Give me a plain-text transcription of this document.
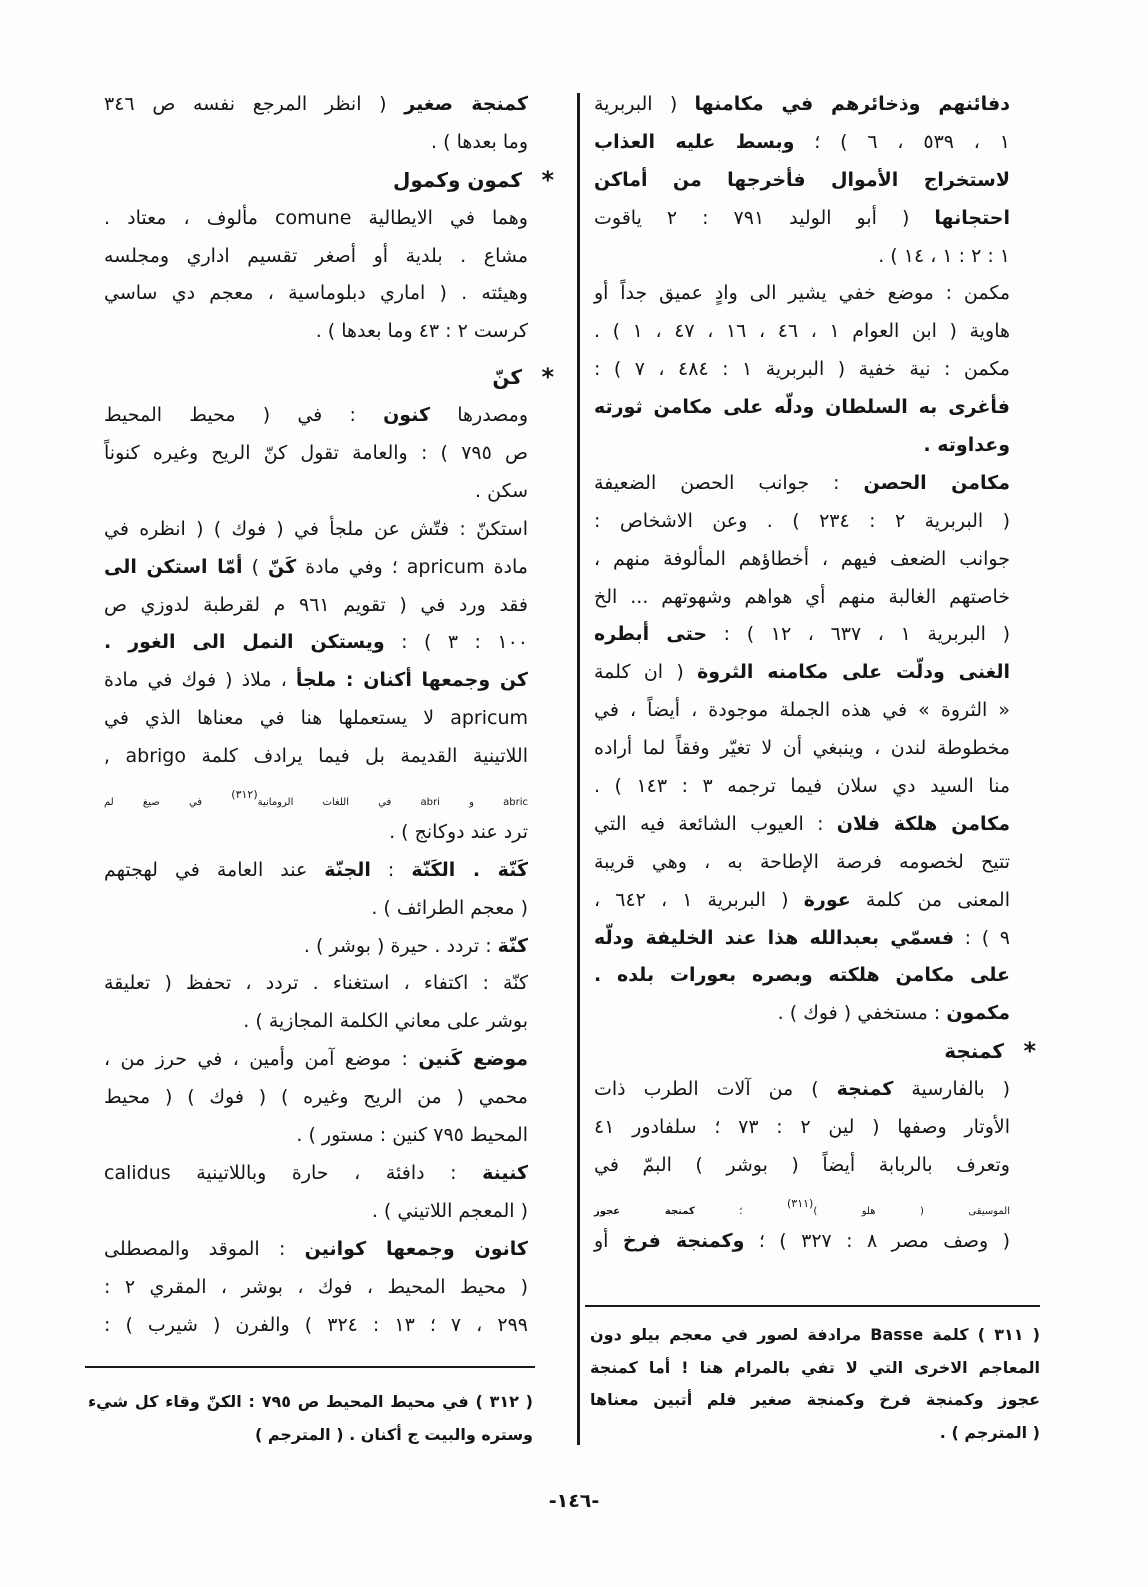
دفائنهم وذخائرهم في مكامنها ( البربرية
١ ، ٥٣٩ ، ٦ ) ؛ وبسط عليه العذاب
لاستخراج الأموال فأخرجها من أماكن
احتجانها ( أبو الوليد ٧٩١ : ٢ ياقوت
١ : ٢ : ١ ، ١٤ ) .
مكمن : موضع خفي يشير الى وادٍ عميق جداً أو
هاوية ( ابن العوام ١ ، ٤٦ ، ١٦ ، ٤٧ ، ١ ) .
مكمن : نية خفية ( البربرية ١ : ٤٨٤ ، ٧ ) :
فأغرى به السلطان ودلّه على مكامن ثورته
وعداوته .
مكامن الحصن : جوانب الحصن الضعيفة
( البربرية ٢ : ٢٣٤ ) . وعن الاشخاص :
جوانب الضعف فيهم ، أخطاؤهم المألوفة منهم ،
خاصتهم الغالبة منهم أي هواهم وشهوتهم ... الخ
( البربرية ١ ، ٦٣٧ ، ١٢ ) : حتى أبطره
الغنى ودلّت على مكامنه الثروة ( ان كلمة
« الثروة » في هذه الجملة موجودة ، أيضاً ، في
مخطوطة لندن ، وينبغي أن لا تغيّر وفقاً لما أراده
منا السيد دي سلان فيما ترجمه ٣ : ١٤٣ ) .
مكامن هلكة فلان : العيوب الشائعة فيه التي
تتيح لخصومه فرصة الإطاحة به ، وهي قريبة
المعنى من كلمة عورة ( البربرية ١ ، ٦٤٢ ،
٩ ) : فسمّي بعبدالله هذا عند الخليفة ودلّه
على مكامن هلكته وبصره بعورات بلده .
مكمون : مستخفي ( فوك ) .
*
كمنجة
( بالفارسية كمنجة ) من آلات الطرب ذات
الأوتار وصفها ( لين ٢ : ٧٣ ؛ سلفادور ٤١
وتعرف بالربابة أيضاً ( بوشر ) البمّ في
الموسيقى ( هلو )(٣١١) ؛ كمنجة عجوز
( وصف مصر ٨ : ٣٢٧ ) ؛ وكمنجة فرخ أو
كمنجة صغير ( انظر المرجع نفسه ص ٣٤٦
وما بعدها ) .
*
كمون وكمول
وهما في الايطالية comune مألوف ، معتاد .
مشاع . بلدية أو أصغر تقسيم اداري ومجلسه
وهيئته . ( اماري دبلوماسية ، معجم دي ساسي
كرست ٢ : ٤٣ وما بعدها ) .
*
كنّ
ومصدرها كنون : في ( محيط المحيط
ص ٧٩٥ ) : والعامة تقول كنّ الريح وغيره كنوناً
سكن .
استكنّ : فتّش عن ملجأ في ( فوك ) ( انظره في
مادة apricum ؛ وفي مادة كَنّ ) أمّا استكن الى
فقد ورد في ( تقويم ٩٦١ م لقرطبة لدوزي ص
١٠٠ : ٣ ) : ويستكن النمل الى الغور .
كن وجمعها أكنان : ملجأ ، ملاذ ( فوك في مادة
apricum لا يستعملها هنا في معناها الذي في
اللاتينية القديمة بل فيما يرادف كلمة abrigo ,
abric و abri في اللغات الرومانية(٣١٢) في صيغ لم
ترد عند دوكانج ) .
كَنّة . الكَنّة : الجنّة عند العامة في لهجتهم
( معجم الطرائف ) .
كنّة : تردد . حيرة ( بوشر ) .
كنّة : اكتفاء ، استغناء . تردد ، تحفظ ( تعليقة
بوشر على معاني الكلمة المجازية ) .
موضع كَنين : موضع آمن وأمين ، في حرز من ،
محمي ( من الريح وغيره ) ( فوك ) ( محيط
المحيط ٧٩٥ كنين : مستور ) .
كنينة : دافئة ، حارة وباللاتينية calidus
( المعجم اللاتيني ) .
كانون وجمعها كوانين : الموقد والمصطلى
( محيط المحيط ، فوك ، بوشر ، المقري ٢ :
٢٩٩ ، ٧ ؛ ١٣ : ٣٢٤ ) والفرن ( شيرب ) :	( ٣١١ ) كلمة Basse مرادفة لصور في معجم بيلو دون
المعاجم الاخرى التي لا تفي بالمرام هنا ! أما كمنجة
عجوز وكمنجة فرخ وكمنجة صغير فلم أتبين معناها
( المترجم ) .
( ٣١٢ ) في محيط المحيط ص ٧٩٥ : الكنّ وقاء كل شيء
وستره والبيت ج أكنان . ( المترجم )
-١٤٦-
